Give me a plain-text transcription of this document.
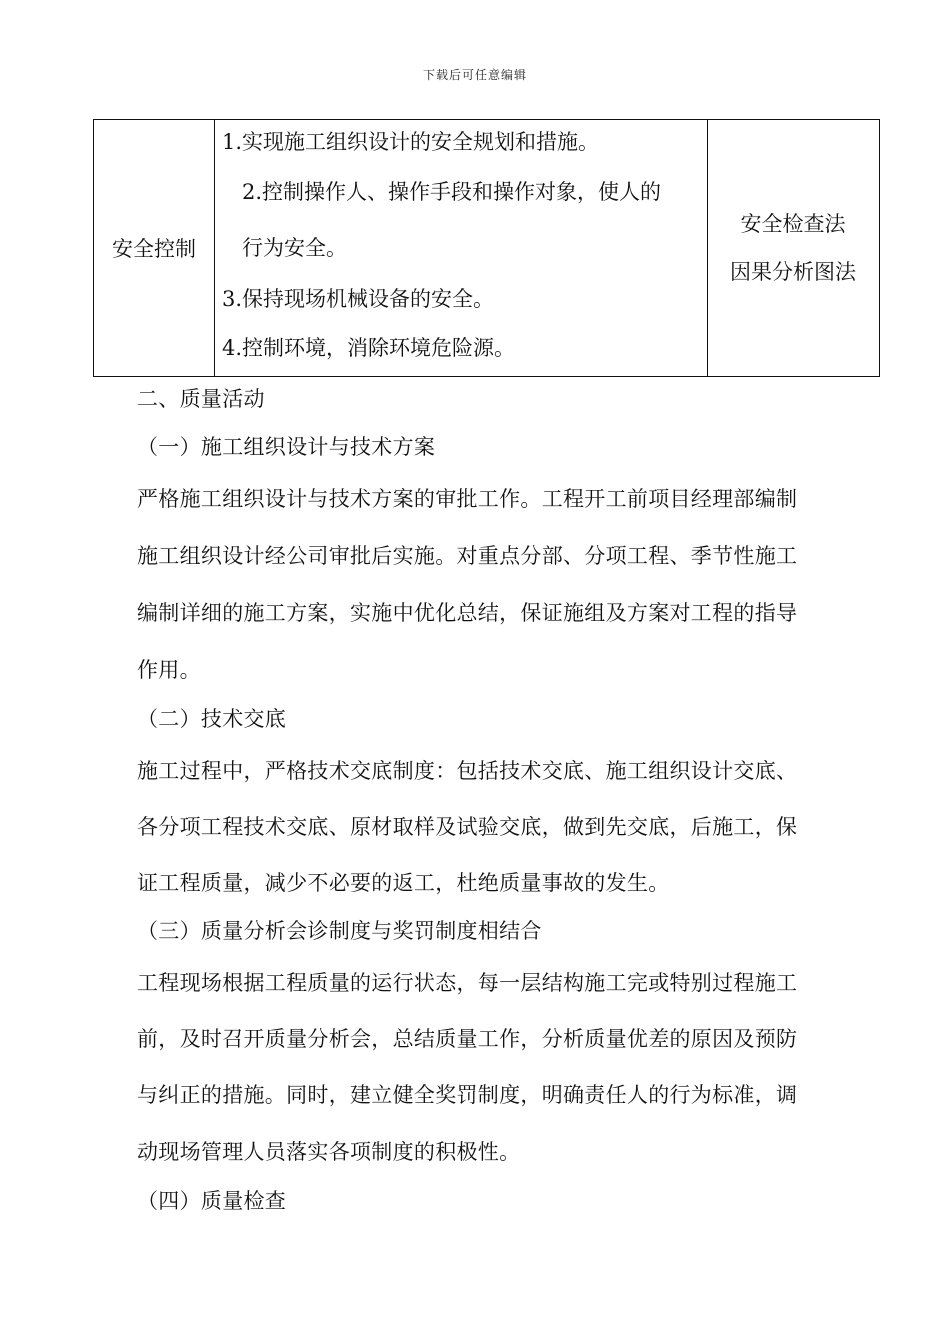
下载后可任意编辑
安全控制
1.实现施工组织设计的安全规划和措施。
2.控制操作人、操作手段和操作对象，使人的
行为安全。
3.保持现场机械设备的安全。
4.控制环境，消除环境危险源。
安全检查法
因果分析图法
二、质量活动
（一）施工组织设计与技术方案
严格施工组织设计与技术方案的审批工作。工程开工前项目经理部编制
施工组织设计经公司审批后实施。对重点分部、分项工程、季节性施工
编制详细的施工方案，实施中优化总结，保证施组及方案对工程的指导
作用。
（二）技术交底
施工过程中，严格技术交底制度：包括技术交底、施工组织设计交底、
各分项工程技术交底、原材取样及试验交底，做到先交底，后施工，保
证工程质量，减少不必要的返工，杜绝质量事故的发生。
（三）质量分析会诊制度与奖罚制度相结合
工程现场根据工程质量的运行状态，每一层结构施工完或特别过程施工
前，及时召开质量分析会，总结质量工作，分析质量优差的原因及预防
与纠正的措施。同时，建立健全奖罚制度，明确责任人的行为标准，调
动现场管理人员落实各项制度的积极性。
（四）质量检查
